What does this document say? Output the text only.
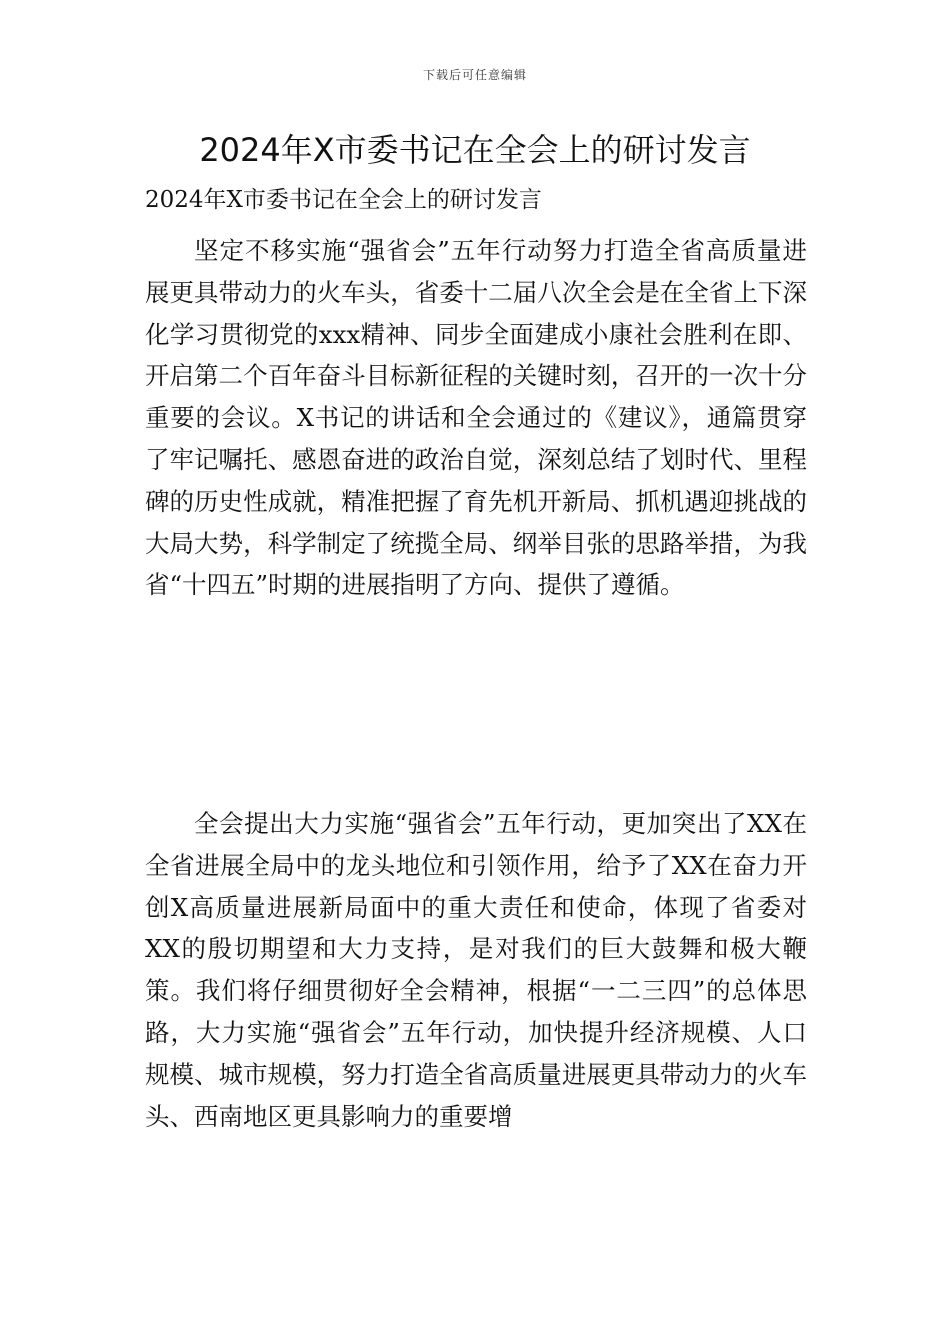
下载后可任意编辑
2024年X市委书记在全会上的研讨发言

2024年X市委书记在全会上的研讨发言

坚定不移实施“强省会”五年行动努力打造全省高质量进展更具带动力的火车头，省委十二届八次全会是在全省上下深化学习贯彻党的xxx精神、同步全面建成小康社会胜利在即、开启第二个百年奋斗目标新征程的关键时刻，召开的一次十分重要的会议。X书记的讲话和全会通过的《建议》，通篇贯穿了牢记嘱托、感恩奋进的政治自觉，深刻总结了划时代、里程碑的历史性成就，精准把握了育先机开新局、抓机遇迎挑战的大局大势，科学制定了统揽全局、纲举目张的思路举措，为我省“十四五”时期的进展指明了方向、提供了遵循。

全会提出大力实施“强省会”五年行动，更加突出了XX在全省进展全局中的龙头地位和引领作用，给予了XX在奋力开创X高质量进展新局面中的重大责任和使命，体现了省委对XX的殷切期望和大力支持，是对我们的巨大鼓舞和极大鞭策。我们将仔细贯彻好全会精神，根据“一二三四”的总体思路，大力实施“强省会”五年行动，加快提升经济规模、人口规模、城市规模，努力打造全省高质量进展更具带动力的火车头、西南地区更具影响力的重要增
